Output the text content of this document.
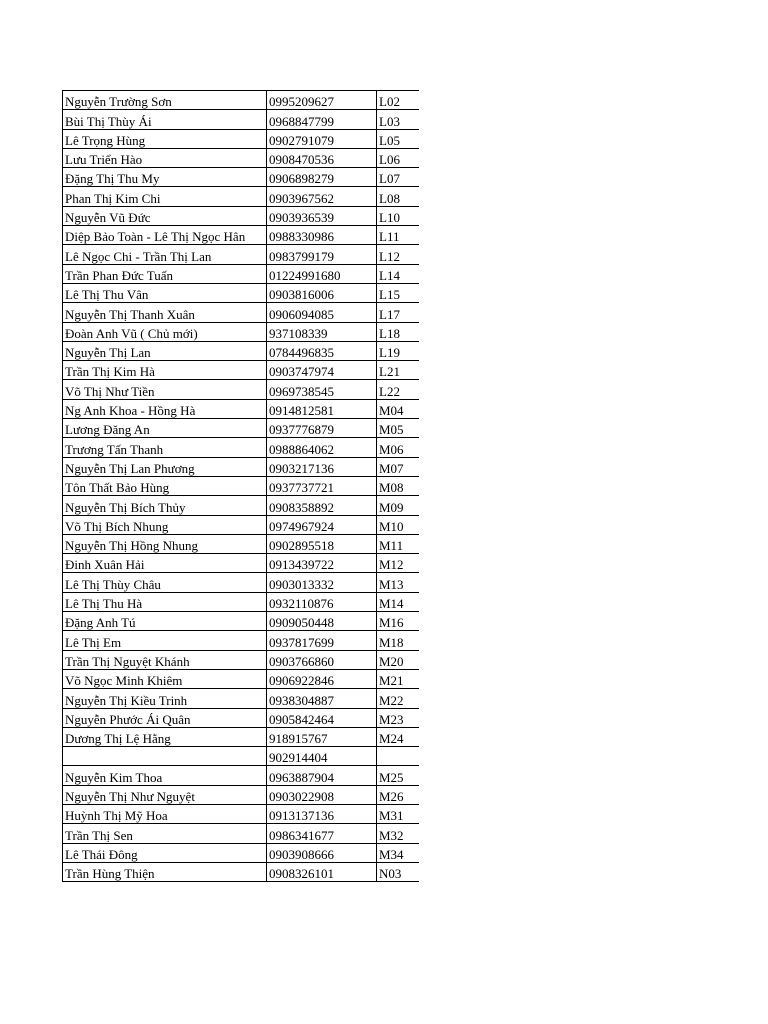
Nguyễn Trường Sơn	0995209627	L02
Bùi Thị Thùy Ái	0968847799	L03
Lê Trọng Hùng	0902791079	L05
Lưu Triển Hào	0908470536	L06
Đặng Thị Thu My	0906898279	L07
Phan Thị Kim Chi	0903967562	L08
Nguyễn Vũ Đức	0903936539	L10
Diệp Bảo Toàn - Lê Thị Ngọc Hân	0988330986	L11
Lê Ngọc Chi - Trần Thị Lan	0983799179	L12
Trần Phan Đức Tuấn	01224991680	L14
Lê Thị Thu Vân	0903816006	L15
Nguyễn Thị Thanh Xuân	0906094085	L17
Đoàn Anh Vũ ( Chủ mới)	937108339	L18
Nguyễn Thị Lan	0784496835	L19
Trần Thị Kim Hà	0903747974	L21
Võ Thị Như Tiền	0969738545	L22
Ng Anh Khoa - Hồng Hà	0914812581	M04
Lương Đăng An	0937776879	M05
Trương Tấn Thanh	0988864062	M06
Nguyễn Thị Lan Phương	0903217136	M07
Tôn Thất Bảo Hùng	0937737721	M08
Nguyễn Thị Bích Thủy	0908358892	M09
Võ Thị Bích Nhung	0974967924	M10
Nguyễn Thị Hồng Nhung	0902895518	M11
Đinh Xuân Hải	0913439722	M12
Lê Thị Thùy Châu	0903013332	M13
Lê Thị Thu Hà	0932110876	M14
Đặng Anh Tú	0909050448	M16
Lê Thị Em	0937817699	M18
Trần Thị Nguyệt Khánh	0903766860	M20
Võ Ngọc Minh Khiêm	0906922846	M21
Nguyễn Thị Kiều Trinh	0938304887	M22
Nguyễn Phước Ái Quân	0905842464	M23
Dương Thị Lệ Hằng	918915767	M24
	902914404	
Nguyễn Kim Thoa	0963887904	M25
Nguyễn Thị Như Nguyệt	0903022908	M26
Huỳnh Thị Mỹ Hoa	0913137136	M31
Trần Thị Sen	0986341677	M32
Lê Thái Đông	0903908666	M34
Trần Hùng Thiện	0908326101	N03
